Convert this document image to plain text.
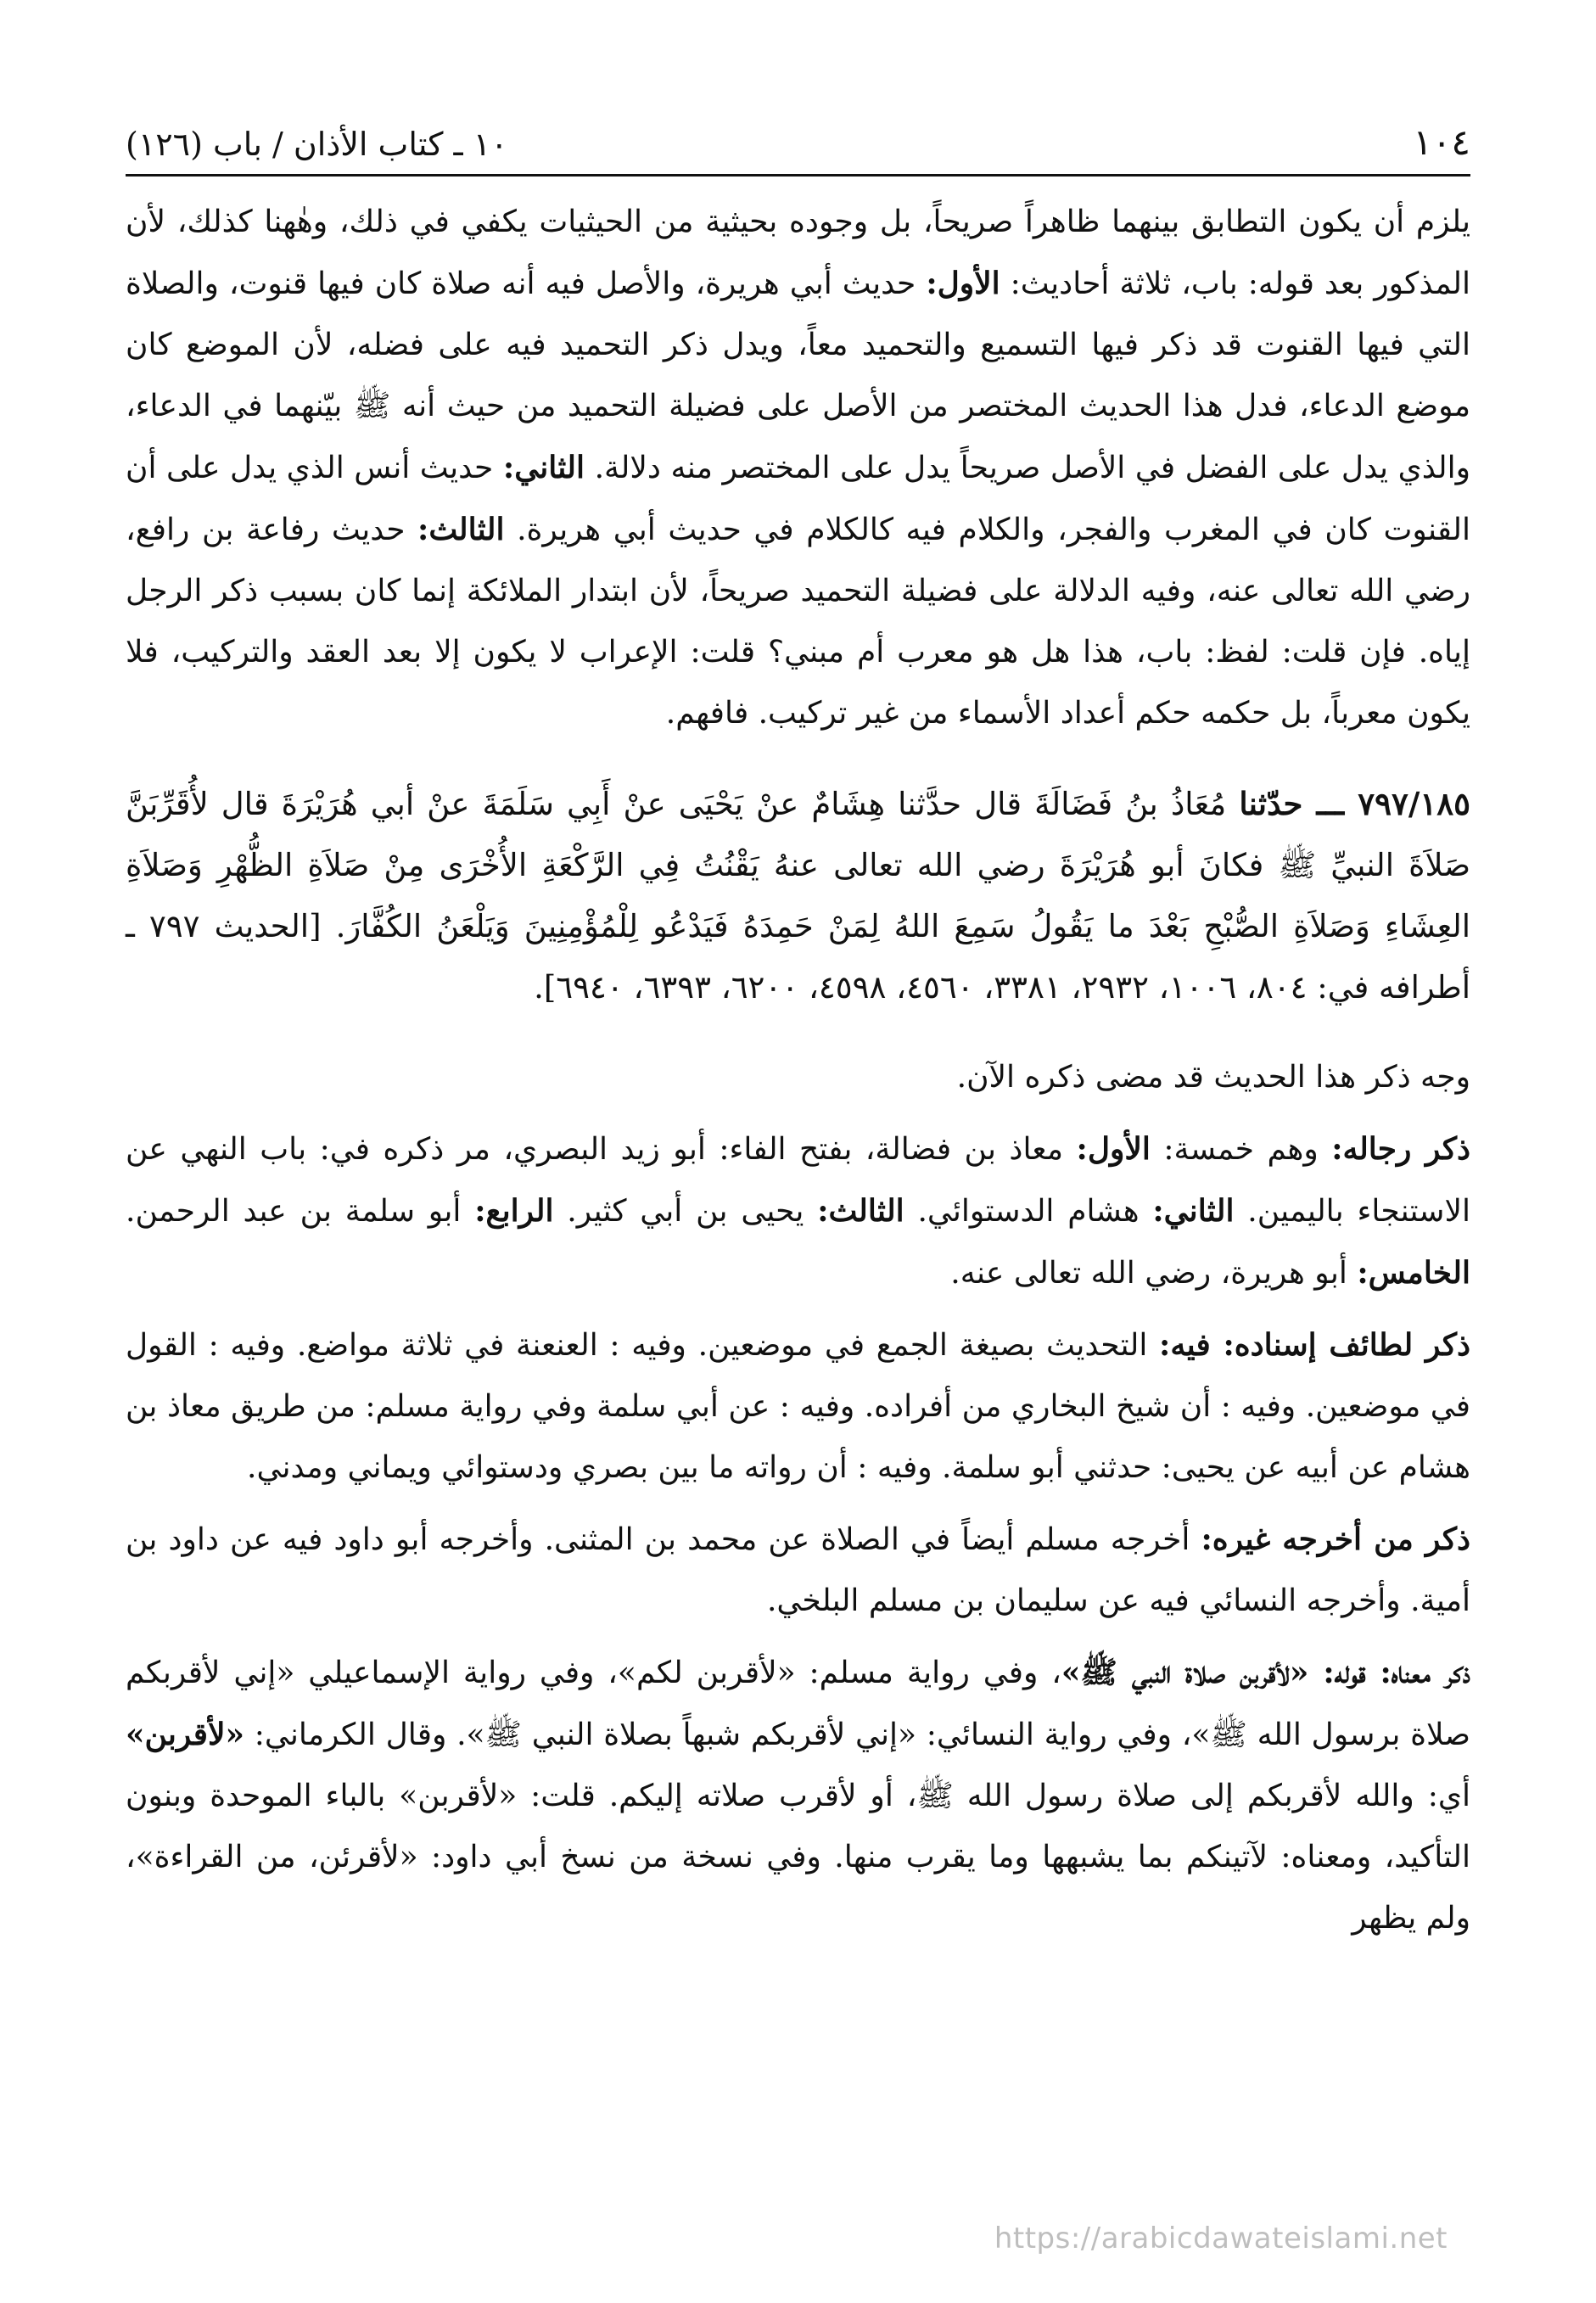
١٠٤
١٠ ـ كتاب الأذان / باب (١٢٦)

يلزم أن يكون التطابق بينهما ظاهراً صريحاً، بل وجوده بحيثية من الحيثيات يكفي في ذلك، وهٰهنا كذلك، لأن المذكور بعد قوله: باب، ثلاثة أحاديث: الأول: حديث أبي هريرة، والأصل فيه أنه صلاة كان فيها قنوت، والصلاة التي فيها القنوت قد ذكر فيها التسميع والتحميد معاً، ويدل ذكر التحميد فيه على فضله، لأن الموضع كان موضع الدعاء، فدل هذا الحديث المختصر من الأصل على فضيلة التحميد من حيث أنه ﷺ بيّنهما في الدعاء، والذي يدل على الفضل في الأصل صريحاً يدل على المختصر منه دلالة. الثاني: حديث أنس الذي يدل على أن القنوت كان في المغرب والفجر، والكلام فيه كالكلام في حديث أبي هريرة. الثالث: حديث رفاعة بن رافع، رضي الله تعالى عنه، وفيه الدلالة على فضيلة التحميد صريحاً، لأن ابتدار الملائكة إنما كان بسبب ذكر الرجل إياه. فإن قلت: لفظ: باب، هذا هل هو معرب أم مبني؟ قلت: الإعراب لا يكون إلا بعد العقد والتركيب، فلا يكون معرباً، بل حكمه حكم أعداد الأسماء من غير تركيب. فافهم.

٧٩٧/١٨٥ ـــ حدّثنا مُعَاذُ بنُ فَضَالَةَ قال حدَّثنا هِشَامٌ عنْ يَحْيَى عنْ أَبِي سَلَمَةَ عنْ أبي هُرَيْرَةَ قال لأُقَرِّبَنَّ صَلاَةَ النبيِّ ﷺ فكانَ أبو هُرَيْرَةَ رضي الله تعالى عنهُ يَقْنُتُ فِي الرَّكْعَةِ الأُخْرَى مِنْ صَلاَةِ الظُّهْرِ وَصَلاَةِ العِشَاءِ وَصَلاَةِ الصُّبْحِ بَعْدَ ما يَقُولُ سَمِعَ اللهُ لِمَنْ حَمِدَهُ فَيَدْعُو لِلْمُؤْمِنِينَ وَيَلْعَنُ الكُفَّارَ. [الحديث ٧٩٧ ـ أطرافه في: ٨٠٤، ١٠٠٦، ٢٩٣٢، ٣٣٨١، ٤٥٦٠، ٤٥٩٨، ٦٢٠٠، ٦٣٩٣، ٦٩٤٠].

وجه ذكر هذا الحديث قد مضى ذكره الآن.

ذكر رجاله: وهم خمسة: الأول: معاذ بن فضالة، بفتح الفاء: أبو زيد البصري، مر ذكره في: باب النهي عن الاستنجاء باليمين. الثاني: هشام الدستوائي. الثالث: يحيى بن أبي كثير. الرابع: أبو سلمة بن عبد الرحمن. الخامس: أبو هريرة، رضي الله تعالى عنه.

ذكر لطائف إسناده: فيه: التحديث بصيغة الجمع في موضعين. وفيه : العنعنة في ثلاثة مواضع. وفيه : القول في موضعين. وفيه : أن شيخ البخاري من أفراده. وفيه : عن أبي سلمة وفي رواية مسلم: من طريق معاذ بن هشام عن أبيه عن يحيى: حدثني أبو سلمة. وفيه : أن رواته ما بين بصري ودستوائي ويماني ومدني.

ذكر من أخرجه غيره: أخرجه مسلم أيضاً في الصلاة عن محمد بن المثنى. وأخرجه أبو داود فيه عن داود بن أمية. وأخرجه النسائي فيه عن سليمان بن مسلم البلخي.

ذكر معناه: قوله: «لأقربن صلاة النبي ﷺ»، وفي رواية مسلم: «لأقربن لكم»، وفي رواية الإسماعيلي «إني لأقربكم صلاة برسول الله ﷺ»، وفي رواية النسائي: «إني لأقربكم شبهاً بصلاة النبي ﷺ». وقال الكرماني: «لأقربن» أي: والله لأقربكم إلى صلاة رسول الله ﷺ، أو لأقرب صلاته إليكم. قلت: «لأقربن» بالباء الموحدة وبنون التأكيد، ومعناه: لآتينكم بما يشبهها وما يقرب منها. وفي نسخة من نسخ أبي داود: «لأقرئن، من القراءة»، ولم يظهر

https://arabicdawateislami.net
